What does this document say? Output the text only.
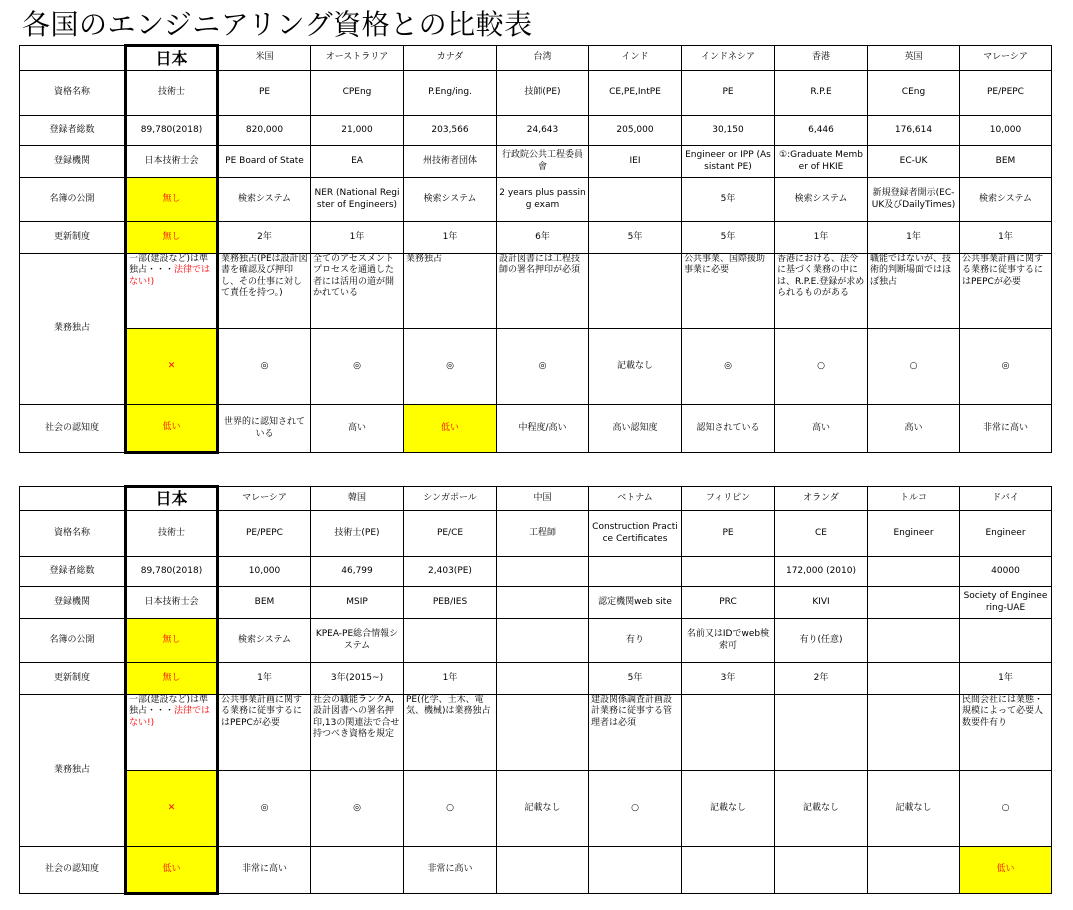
各国のエンジニアリング資格との比較表
	日本	米国	オーストラリア	カナダ	台湾	インド	インドネシア	香港	英国	マレーシア
資格名称	技術士	PE	CPEng	P.Eng/ing.	技師(PE)	CE,PE,IntPE	PE	R.P.E	CEng	PE/PEPC
登録者総数	89,780(2018)	820,000	21,000	203,566	24,643	205,000	30,150	6,446	176,614	10,000
登録機関	日本技術士会	PE Board of State	EA	州技術者団体	行政院公共工程委員會	IEI	Engineer or IPP (Assistant PE)	①:Graduate Member of HKIE	EC-UK	BEM
名簿の公開	無し	検索システム	NER (National Register of Engineers)	検索システム	2 years plus passing exam		5年	検索システム	新規登録者開示(EC-UK及びDailyTimes)	検索システム
更新制度	無し	2年	1年	1年	6年	5年	5年	1年	1年	1年
業務独占	一部(建設など)は準独占・・・法律ではない!)	業務独占(PEは設計図書を確認及び押印し、その仕事に対して責任を持つ。)	全てのアセスメントプロセスを通過した者には活用の道が開かれている	業務独占	設計図書には工程技師の署名押印が必須		公共事業、国際援助事業に必要	香港における、法令に基づく業務の中には、R.P.E.登録が求められるものがある	職能ではないが、技術的判断場面ではほぼ独占	公共事業計画に関する業務に従事するにはPEPCが必要
	✕	◎	◎	◎	◎	記載なし	◎	○	○	◎
社会の認知度	低い	世界的に認知されている	高い	低い	中程度/高い	高い認知度	認知されている	高い	高い	非常に高い
	日本	マレーシア	韓国	シンガポール	中国	ベトナム	フィリピン	オランダ	トルコ	ドバイ
資格名称	技術士	PE/PEPC	技術士(PE)	PE/CE	工程師	Construction Practice Certificates	PE	CE	Engineer	Engineer
登録者総数	89,780(2018)	10,000	46,799	2,403(PE)				172,000 (2010)		40000
登録機関	日本技術士会	BEM	MSIP	PEB/IES		認定機関web site	PRC	KIVI		Society of Engineering-UAE
名簿の公開	無し	検索システム	KPEA-PE総合情報システム			有り	名前又はIDでweb検索可	有り(任意)		
更新制度	無し	1年	3年(2015~)	1年		5年	3年	2年		1年
業務独占	一部(建設など)は準独占・・・法律ではない!)	公共事業計画に関する業務に従事するにはPEPCが必要	社会の職能ランクA,設計図書への署名押印,13の関連法で合せ持つべき資格を規定	PE(化学、土木、電気、機械)は業務独占		建設関係調査計画設計業務に従事する管理者は必須				民間会社には業態・規模によって必要人数要件有り
	✕	◎	◎	○	記載なし	○	記載なし	記載なし	記載なし	○
社会の認知度	低い	非常に高い		非常に高い						低い
